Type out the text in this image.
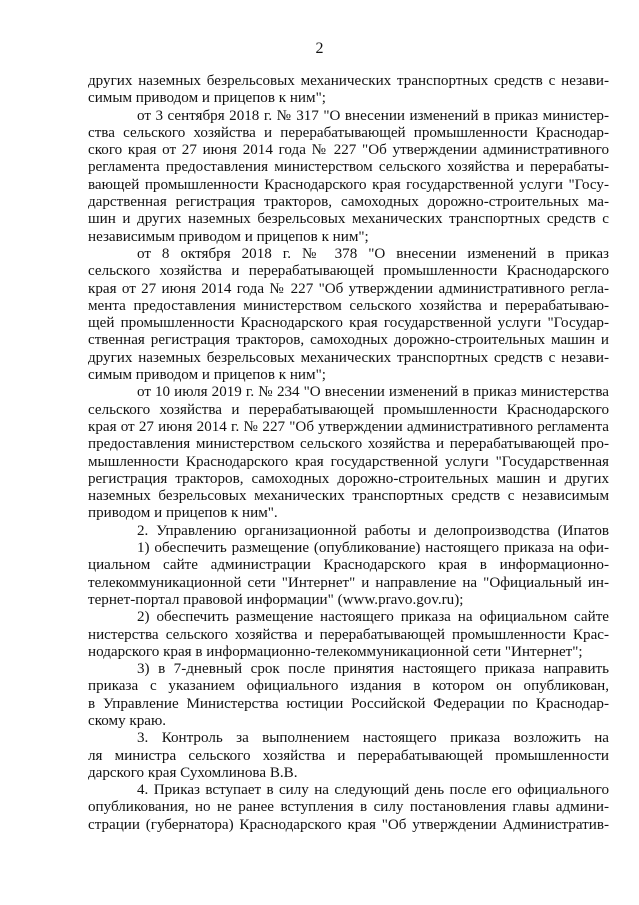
2
других наземных безрельсовых механических транспортных средств с незави-
симым приводом и прицепов к ним";
от 3 сентября 2018 г. № 317 "О внесении изменений в приказ министер-
ства сельского хозяйства и перерабатывающей промышленности Краснодар-
ского края от 27 июня 2014 года № 227 "Об утверждении административного
регламента предоставления министерством сельского хозяйства и перерабаты-
вающей промышленности Краснодарского края государственной услуги "Госу-
дарственная регистрация тракторов, самоходных дорожно-строительных ма-
шин и других наземных безрельсовых механических транспортных средств с
независимым приводом и прицепов к ним";
от 8 октября 2018 г. № 378 "О внесении изменений в приказ
сельского хозяйства и перерабатывающей промышленности Краснодарского
края от 27 июня 2014 года № 227 "Об утверждении административного регла-
мента предоставления министерством сельского хозяйства и перерабатываю-
щей промышленности Краснодарского края государственной услуги "Государ-
ственная регистрация тракторов, самоходных дорожно-строительных машин и
других наземных безрельсовых механических транспортных средств с незави-
симым приводом и прицепов к ним";
от 10 июля 2019 г. № 234 "О внесении изменений в приказ министерства
сельского хозяйства и перерабатывающей промышленности Краснодарского
края от 27 июня 2014 г. № 227 "Об утверждении административного регламента
предоставления министерством сельского хозяйства и перерабатывающей про-
мышленности Краснодарского края государственной услуги "Государственная
регистрация тракторов, самоходных дорожно-строительных машин и других
наземных безрельсовых механических транспортных средств с независимым
приводом и прицепов к ним".
2. Управлению организационной работы и делопроизводства (Ипатов
1) обеспечить размещение (опубликование) настоящего приказа на офи-
циальном сайте администрации Краснодарского края в информационно-
телекоммуникационной сети "Интернет" и направление на "Официальный ин-
тернет-портал правовой информации" (www.pravo.gov.ru);
2) обеспечить размещение настоящего приказа на официальном сайте
нистерства сельского хозяйства и перерабатывающей промышленности Крас-
нодарского края в информационно-телекоммуникационной сети "Интернет";
3) в 7-дневный срок после принятия настоящего приказа направить
приказа с указанием официального издания в котором он опубликован,
в Управление Министерства юстиции Российской Федерации по Краснодар-
скому краю.
3. Контроль за выполнением настоящего приказа возложить на
ля министра сельского хозяйства и перерабатывающей промышленности
дарского края Сухомлинова В.В.
4. Приказ вступает в силу на следующий день после его официального
опубликования, но не ранее вступления в силу постановления главы админи-
страции (губернатора) Краснодарского края "Об утверждении Административ-
